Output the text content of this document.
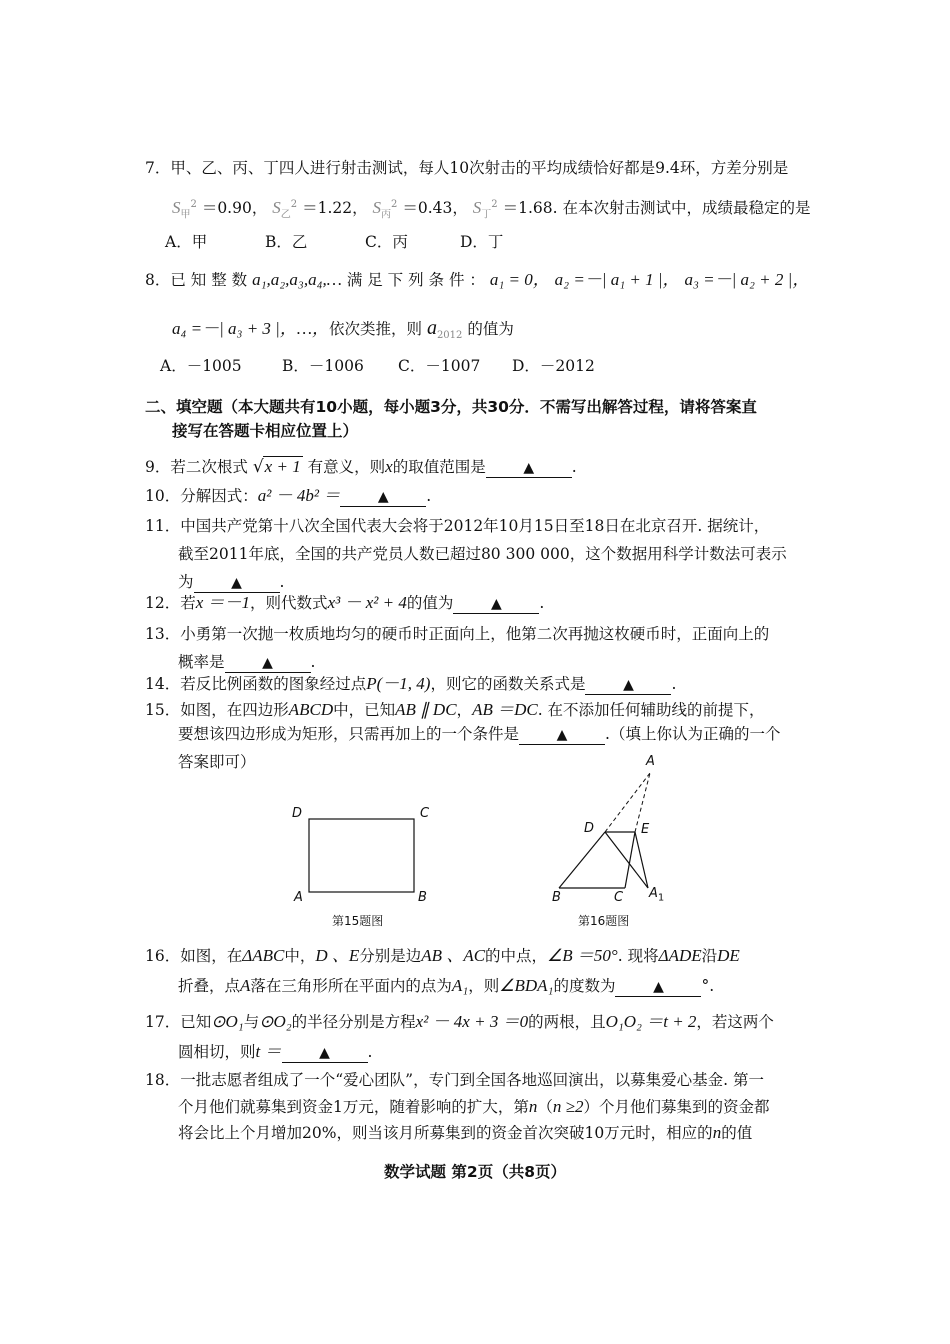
7．甲、乙、丙、丁四人进行射击测试，每人10次射击的平均成绩恰好都是9.4环，方差分别是
$S_甲^2 =0.90$， $S_乙^2 =1.22$， $S_丙^2 =0.43$， $S_丁^2 =1.68$. 在本次射击测试中，成绩最稳定的是
A．甲	B．乙	C．丙	D．丁
8．已 知 整 数 a₁,a₂,a₃,a₄,… 满 足 下 列 条 件 ： a₁ = 0， a₂ =－| a₁ + 1 |， a₃ =－| a₂ + 2 |，
a₄ =－| a₃ + 3 |，…，依次类推，则 $a_{2012}$ 的值为
A．－1005	B．－1006 C．－1007 D．－2012
二、填空题（本大题共有10小题，每小题3分，共30分．不需写出解答过程，请将答案直
接写在答题卡相应位置上）
9．若二次根式 √x + 1 有意义，则x的取值范围是	▲ .
10．分解因式：a² － 4b² ＝	▲ .
11．中国共产党第十八次全国代表大会将于2012年10月15日至18日在北京召开. 据统计，
截至2011年底，全国的共产党员人数已超过80 300 000，这个数据用科学计数法可表示
为	▲ .
12．若x ＝－1，则代数式x³ － x² + 4的值为	▲ .
13．小勇第一次抛一枚质地均匀的硬币时正面向上，他第二次再抛这枚硬币时，正面向上的
概率是	▲ .
14．若反比例函数的图象经过点P(－1, 4)，则它的函数关系式是	▲ .
15．如图，在四边形ABCD中，已知AB ∥ DC，AB ＝DC. 在不添加任何辅助线的前提下，
要想该四边形成为矩形，只需再加上的一个条件是	▲ .（填上你认为正确的一个
答案即可）
D	C
A	B
第15题图
A
D	E
B	C $A_1$
第16题图
16．如图，在ΔABC中，D 、E分别是边AB 、AC的中点，∠B ＝50°. 现将ΔADE沿DE
折叠，点A落在三角形所在平面内的点为A₁，则∠BDA₁的度数为	▲ °.
17．已知⊙O₁与⊙O₂的半径分别是方程x² － 4x + 3 ＝0的两根，且O₁O₂ ＝t + 2，若这两个
圆相切，则t ＝	▲ .
18．一批志愿者组成了一个“爱心团队”，专门到全国各地巡回演出，以募集爱心基金. 第一
个月他们就募集到资金1万元，随着影响的扩大，第n（n ≥2）个月他们募集到的资金都
将会比上个月增加20%，则当该月所募集到的资金首次突破10万元时，相应的n的值
数学试题 第2页（共8页）
